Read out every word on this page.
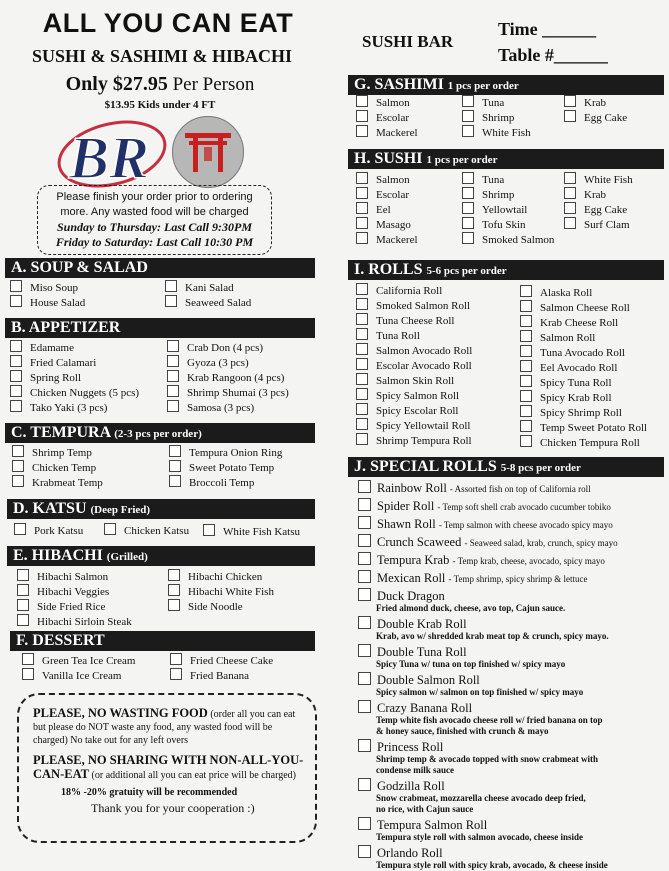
ALL YOU CAN EAT
SUSHI & SASHIMI & HIBACHI
Only $27.95 Per Person
$13.95 Kids under 4 FT
BR
Please finish your order prior to ordering
more. Any wasted food will be charged
Sunday to Thursday: Last Call 9:30PM
Friday to Saturday: Last Call 10:30 PM
SUSHI BAR
Time ______
Table #______
A. SOUP & SALAD
Miso Soup
House Salad
Kani Salad
Seaweed Salad
B. APPETIZER
Edamame
Fried Calamari
Spring Roll
Chicken Nuggets (5 pcs)
Tako Yaki (3 pcs)
Crab Don (4 pcs)
Gyoza (3 pcs)
Krab Rangoon (4 pcs)
Shrimp Shumai (3 pcs)
Samosa (3 pcs)
C. TEMPURA (2-3 pcs per order)
Shrimp Temp
Chicken Temp
Krabmeat Temp
Tempura Onion Ring
Sweet Potato Temp
Broccoli Temp
D. KATSU (Deep Fried)
Pork Katsu	Chicken Katsu	White Fish Katsu
E. HIBACHI (Grilled)
Hibachi Salmon
Hibachi Veggies
Side Fried Rice
Hibachi Sirloin Steak
Hibachi Chicken
Hibachi White Fish
Side Noodle
F. DESSERT
Green Tea Ice Cream
Vanilla Ice Cream
Fried Cheese Cake
Fried Banana
PLEASE, NO WASTING FOOD (order all you can eat but please do NOT waste any food, any wasted food will be charged) No take out for any left overs
PLEASE, NO SHARING WITH NON-ALL-YOU-CAN-EAT (or additional all you can eat price will be charged)
18% -20% gratuity will be recommended
Thank you for your cooperation :)
G. SASHIMI 1 pcs per order
Salmon
Escolar
Mackerel
Tuna
Shrimp
White Fish
Krab
Egg Cake
H. SUSHI 1 pcs per order
Salmon
Escolar
Eel
Masago
Mackerel
Tuna
Shrimp
Yellowtail
Tofu Skin
Smoked Salmon
White Fish
Krab
Egg Cake
Surf Clam
I. ROLLS 5-6 pcs per order
California Roll
Smoked Salmon Roll
Tuna Cheese Roll
Tuna Roll
Salmon Avocado Roll
Escolar Avocado Roll
Salmon Skin Roll
Spicy Salmon Roll
Spicy Escolar Roll
Spicy Yellowtail Roll
Shrimp Tempura Roll
Alaska Roll
Salmon Cheese Roll
Krab Cheese Roll
Salmon Roll
Tuna Avocado Roll
Eel Avocado Roll
Spicy Tuna Roll
Spicy Krab Roll
Spicy Shrimp Roll
Temp Sweet Potato Roll
Chicken Tempura Roll
J. SPECIAL ROLLS 5-8 pcs per order
Rainbow Roll - Assorted fish on top of California roll
Spider Roll - Temp soft shell crab avocado cucumber tobiko
Shawn Roll - Temp salmon with cheese avocado spicy mayo
Crunch Scaweed - Seaweed salad, krab, crunch, spicy mayo
Tempura Krab - Temp krab, cheese, avocado, spicy mayo
Mexican Roll - Temp shrimp, spicy shrimp & lettuce
Duck Dragon
Fried almond duck, cheese, avo top, Cajun sauce.
Double Krab Roll
Krab, avo w/ shredded krab meat top & crunch, spicy mayo.
Double Tuna Roll
Spicy Tuna w/ tuna on top finished w/ spicy mayo
Double Salmon Roll
Spicy salmon w/ salmon on top finished w/ spicy mayo
Crazy Banana Roll
Temp white fish avocado cheese roll w/ fried banana on top
& honey sauce, finished with crunch & mayo
Princess Roll
Shrimp temp & avocado topped with snow crabmeat with
condense milk sauce
Godzilla Roll
Snow crabmeat, mozzarella cheese avocado deep fried,
no rice, with Cajun sauce
Tempura Salmon Roll
Tempura style roll with salmon avocado, cheese inside
Orlando Roll
Tempura style roll with spicy krab, avocado, & cheese inside
